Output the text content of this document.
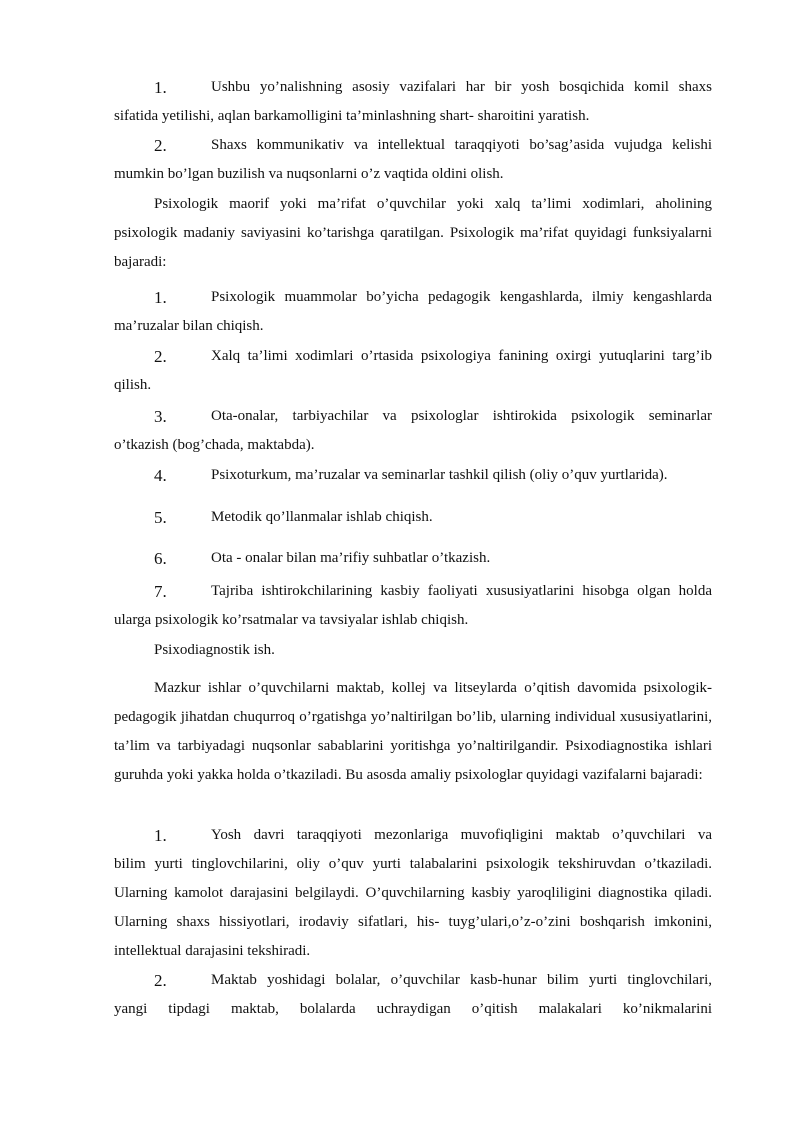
1.	Ushbu yo’nalishning asosiy vazifalari har bir yosh bosqichida komil shaxs
sifatida yetilishi, aqlan barkamolligini ta’minlashning shart- sharoitini yaratish.
2.	Shaxs kommunikativ va intellektual taraqqiyoti bo’sag’asida vujudga kelishi
mumkin bo’lgan buzilish va nuqsonlarni o’z vaqtida oldini olish.

Psixologik maorif yoki ma’rifat o’quvchilar yoki xalq ta’limi xodimlari, aholining psixologik madaniy saviyasini ko’tarishga qaratilgan. Psixologik ma’rifat quyidagi funksiyalarni bajaradi:

1.	Psixologik muammolar bo’yicha pedagogik kengashlarda, ilmiy kengashlarda
ma’ruzalar bilan chiqish.
2.	Xalq ta’limi xodimlari o’rtasida psixologiya fanining oxirgi yutuqlarini targ’ib
qilish.
3.	Ota-onalar, tarbiyachilar va psixologlar ishtirokida psixologik seminarlar
o’tkazish (bog’chada, maktabda).
4.	Psixoturkum, ma’ruzalar va seminarlar tashkil qilish (oliy o’quv yurtlarida).
5.	Metodik qo’llanmalar ishlab chiqish.
6.	Ota - onalar bilan ma’rifiy suhbatlar o’tkazish.
7.	Tajriba ishtirokchilarining kasbiy faoliyati xususiyatlarini hisobga olgan holda
ularga psixologik ko’rsatmalar va tavsiyalar ishlab chiqish.

Psixodiagnostik ish.

Mazkur ishlar o’quvchilarni maktab, kollej va litseylarda o’qitish davomida psixologik-pedagogik jihatdan chuqurroq o’rgatishga yo’naltirilgan bo’lib, ularning individual xususiyatlarini, ta’lim va tarbiyadagi nuqsonlar sabablarini yoritishga yo’naltirilgandir. Psixodiagnostika ishlari guruhda yoki yakka holda o’tkaziladi. Bu asosda amaliy psixologlar quyidagi vazifalarni bajaradi:

1.	Yosh davri taraqqiyoti mezonlariga muvofiqligini maktab o’quvchilari va
bilim yurti tinglovchilarini, oliy o’quv yurti talabalarini psixologik tekshiruvdan o’tkaziladi. Ularning kamolot darajasini belgilaydi. O’quvchilarning kasbiy yaroqliligini diagnostika qiladi. Ularning shaxs hissiyotlari, irodaviy sifatlari, his- tuyg’ulari,o’z-o’zini boshqarish imkonini, intellektual darajasini tekshiradi.
2.	Maktab yoshidagi bolalar, o’quvchilar kasb-hunar bilim yurti tinglovchilari,
yangi tipdagi maktab, bolalarda uchraydigan o’qitish malakalari ko’nikmalarini
